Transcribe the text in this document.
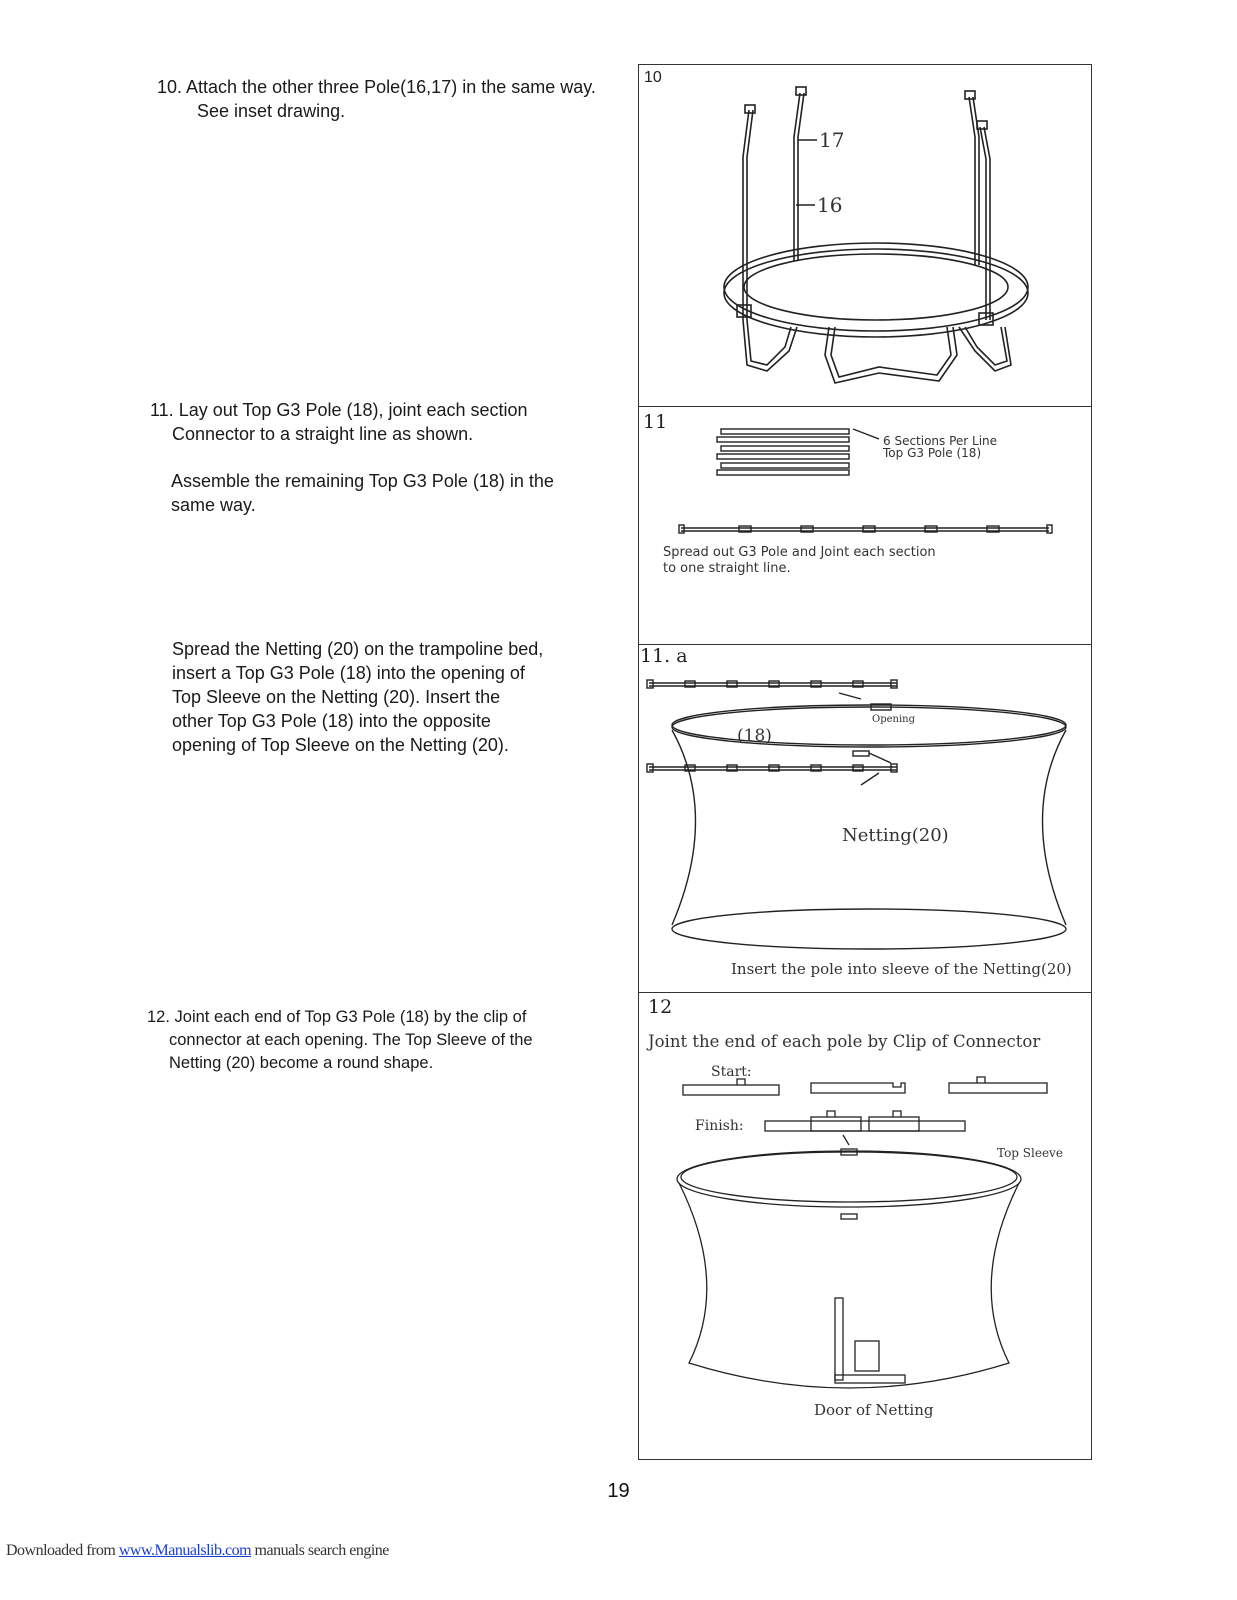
10. Attach the other three Pole(16,17) in the same way.

See inset drawing.

11. Lay out Top G3 Pole (18), joint each section

Connector to a straight line as shown.

Assemble the remaining Top G3 Pole (18) in the

same way.

Spread the Netting (20) on the trampoline bed,

insert a Top G3 Pole (18) into the opening of

Top Sleeve on the Netting (20). Insert the

other Top G3 Pole (18) into the opposite

opening of Top Sleeve on the Netting (20).

12. Joint each end of Top G3 Pole (18) by the clip of

connector at each opening. The Top Sleeve of the

Netting (20) become a round shape.

10
17
16
11
6 Sections Per Line
Top G3 Pole (18)
Spread out G3 Pole and Joint each section
to one straight line.
11. a
Opening
(18)
Netting(20)
Insert the pole into sleeve of the Netting(20)
12
Joint the end of each pole by Clip of Connector
Start:
Finish:
Top Sleeve
Door of Netting
19
Downloaded from www.Manualslib.com manuals search engine
